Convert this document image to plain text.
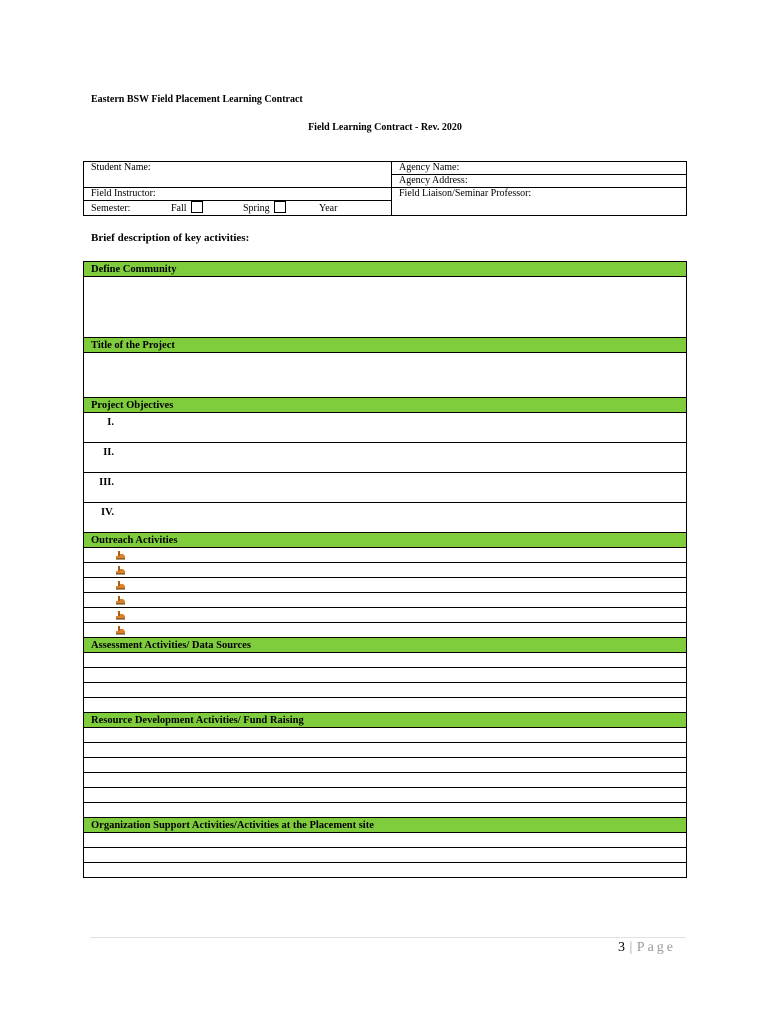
Eastern BSW Field Placement Learning Contract
Field Learning Contract - Rev. 2020
Student Name:	Agency Name:
	Agency Address:
Field Instructor:	Field Liaison/Seminar Professor:
Semester: Fall Spring Year	
Brief description of key activities:
Define Community
Title of the Project
Project Objectives
I.
II.
III.
IV.
Outreach Activities
Assessment Activities/ Data Sources
Resource Development Activities/ Fund Raising
Organization Support Activities/Activities at the Placement site
3 | Page
